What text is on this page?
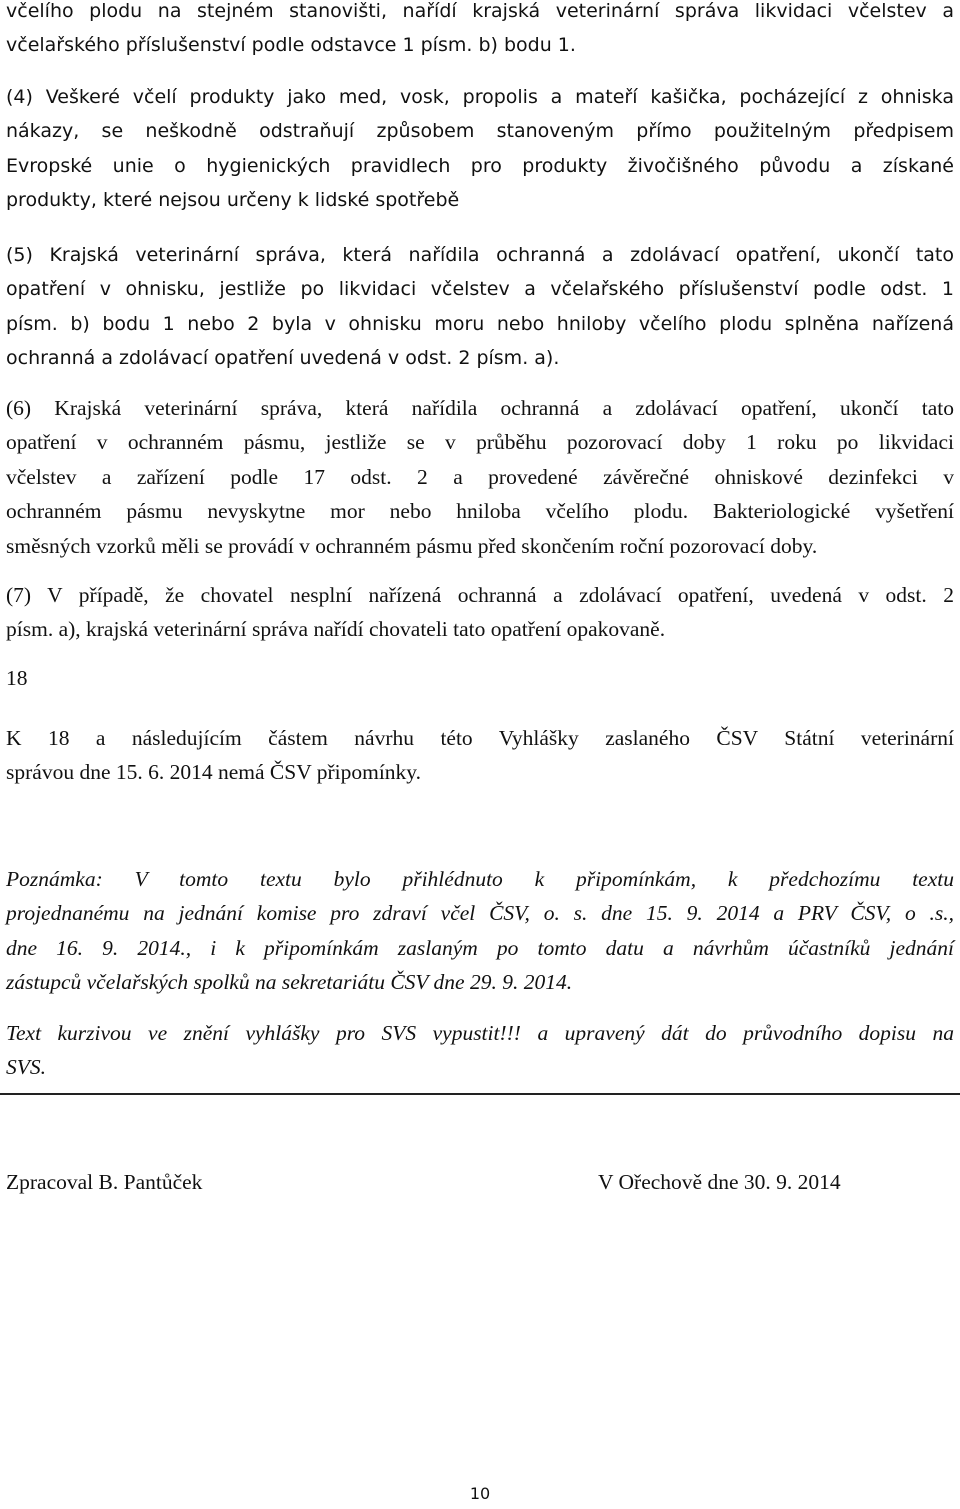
včelího plodu na stejném stanovišti, nařídí krajská veterinární správa likvidaci včelstev a
včelařského příslušenství podle odstavce 1 písm. b) bodu 1.
(4) Veškeré včelí produkty jako med, vosk, propolis a mateří kašička, pocházející z ohniska
nákazy, se neškodně odstraňují způsobem stanoveným přímo použitelným předpisem
Evropské unie o hygienických pravidlech pro produkty živočišného původu a získané
produkty, které nejsou určeny k lidské spotřebě
(5) Krajská veterinární správa, která nařídila ochranná a zdolávací opatření, ukončí tato
opatření v ohnisku, jestliže po likvidaci včelstev a včelařského příslušenství podle odst. 1
písm. b) bodu 1 nebo 2 byla v ohnisku moru nebo hniloby včelího plodu splněna nařízená
ochranná a zdolávací opatření uvedená v odst. 2 písm. a).
(6) Krajská veterinární správa, která nařídila ochranná a zdolávací opatření, ukončí tato
opatření v ochranném pásmu, jestliže se v průběhu pozorovací doby 1 roku po likvidaci
včelstev a zařízení podle 17 odst. 2 a provedené závěrečné ohniskové dezinfekci v
ochranném pásmu nevyskytne mor nebo hniloba včelího plodu. Bakteriologické vyšetření
směsných vzorků měli se provádí v ochranném pásmu před skončením roční pozorovací doby.
(7) V případě, že chovatel nesplní nařízená ochranná a zdolávací opatření, uvedená v odst. 2
písm. a), krajská veterinární správa nařídí chovateli tato opatření opakovaně.
18
K 18 a následujícím částem návrhu této Vyhlášky zaslaného ČSV Státní veterinární
správou dne 15. 6. 2014 nemá ČSV připomínky.
Poznámka: V tomto textu bylo přihlédnuto k připomínkám, k předchozímu textu
projednanému na jednání komise pro zdraví včel ČSV, o. s. dne 15. 9. 2014 a PRV ČSV, o .s.,
dne 16. 9. 2014., i k připomínkám zaslaným po tomto datu a návrhům účastníků jednání
zástupců včelařských spolků na sekretariátu ČSV dne 29. 9. 2014.
Text kurzivou ve znění vyhlášky pro SVS vypustit!!! a upravený dát do průvodního dopisu na
SVS.
Zpracoval B. Pantůček	V Ořechově dne 30. 9. 2014
10
